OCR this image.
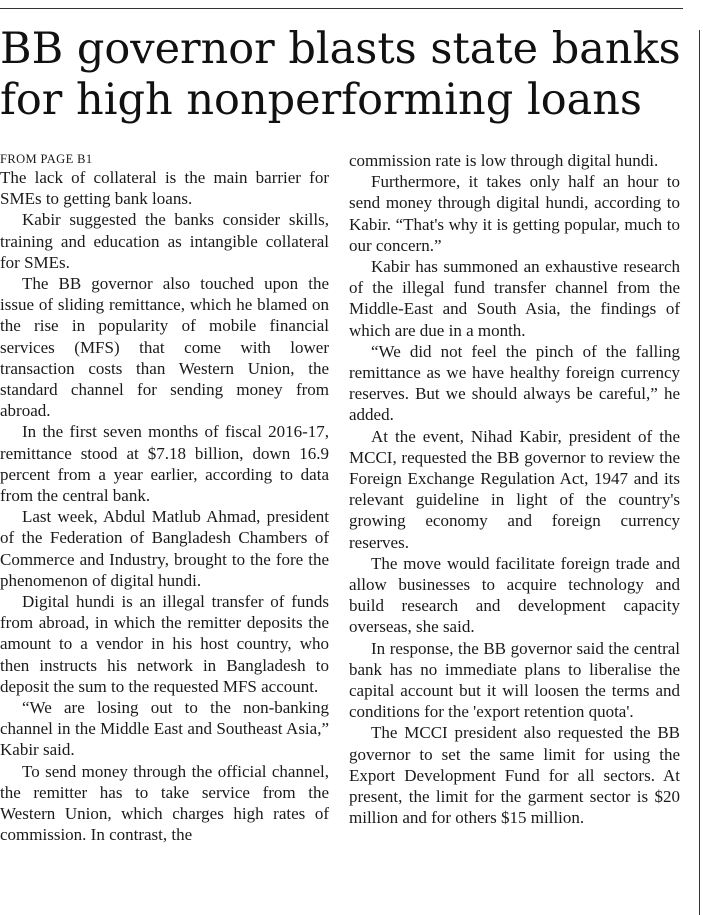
BB governor blasts state banks
for high nonperforming loans
FROM PAGE B1

The lack of collateral is the main barrier for SMEs to getting bank loans.

Kabir suggested the banks consider skills, training and education as intangible collateral for SMEs.

The BB governor also touched upon the issue of sliding remittance, which he blamed on the rise in popularity of mobile financial services (MFS) that come with lower transaction costs than Western Union, the standard channel for sending money from abroad.

In the first seven months of fiscal 2016-17, remittance stood at $7.18 billion, down 16.9 percent from a year earlier, according to data from the central bank.

Last week, Abdul Matlub Ahmad, president of the Federation of Bangladesh Chambers of Commerce and Industry, brought to the fore the phenomenon of digital hundi.

Digital hundi is an illegal transfer of funds from abroad, in which the remitter deposits the amount to a vendor in his host country, who then instructs his network in Bangladesh to deposit the sum to the requested MFS account.

“We are losing out to the non-banking channel in the Middle East and Southeast Asia,” Kabir said.

To send money through the official channel, the remitter has to take service from the Western Union, which charges high rates of commission. In contrast, the

commission rate is low through digital hundi.

Furthermore, it takes only half an hour to send money through digital hundi, according to Kabir. “That's why it is getting popular, much to our concern.”

Kabir has summoned an exhaustive research of the illegal fund transfer channel from the Middle-East and South Asia, the findings of which are due in a month.

“We did not feel the pinch of the falling remittance as we have healthy foreign currency reserves. But we should always be careful,” he added.

At the event, Nihad Kabir, president of the MCCI, requested the BB governor to review the Foreign Exchange Regulation Act, 1947 and its relevant guideline in light of the country's growing economy and foreign currency reserves.

The move would facilitate foreign trade and allow businesses to acquire technology and build research and development capacity overseas, she said.

In response, the BB governor said the central bank has no immediate plans to liberalise the capital account but it will loosen the terms and conditions for the 'export retention quota'.

The MCCI president also requested the BB governor to set the same limit for using the Export Development Fund for all sectors. At present, the limit for the garment sector is $20 million and for others $15 million.
